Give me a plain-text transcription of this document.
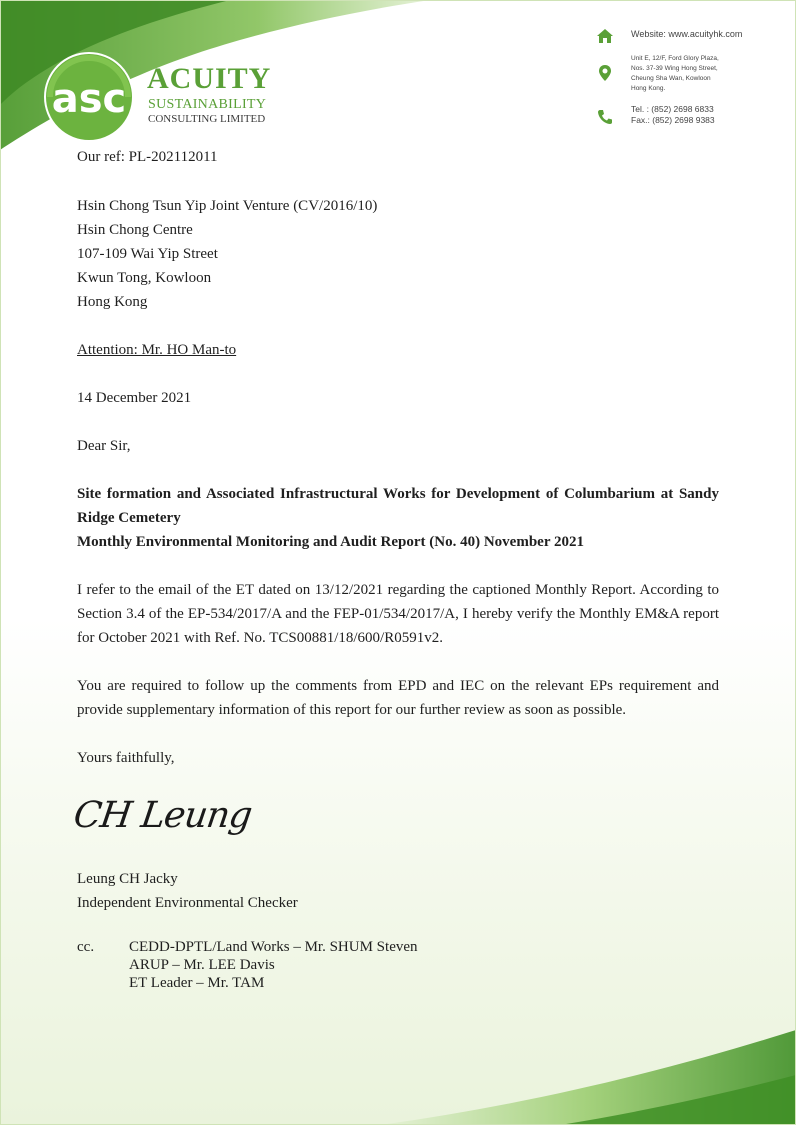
asc ACUITY
SUSTAINABILITY
CONSULTING LIMITED
Website: www.acuityhk.com
Unit E, 12/F, Ford Glory Plaza,
Nos. 37-39 Wing Hong Street,
Cheung Sha Wan, Kowloon
Hong Kong.
Tel. : (852) 2698 6833
Fax.: (852) 2698 9383
Our ref: PL-202112011
Hsin Chong Tsun Yip Joint Venture (CV/2016/10)
Hsin Chong Centre
107-109 Wai Yip Street
Kwun Tong, Kowloon
Hong Kong
Attention: Mr. HO Man-to
14 December 2021
Dear Sir,
Site formation and Associated Infrastructural Works for Development of Columbarium at Sandy Ridge Cemetery
Monthly Environmental Monitoring and Audit Report (No. 40) November 2021
I refer to the email of the ET dated on 13/12/2021 regarding the captioned Monthly Report. According to Section 3.4 of the EP-534/2017/A and the FEP-01/534/2017/A, I hereby verify the Monthly EM&A report for October 2021 with Ref. No. TCS00881/18/600/R0591v2.
You are required to follow up the comments from EPD and IEC on the relevant EPs requirement and provide supplementary information of this report for our further review as soon as possible.
Yours faithfully,
CH Leung
Leung CH Jacky
Independent Environmental Checker
cc. CEDD-DPTL/Land Works – Mr. SHUM Steven
ARUP – Mr. LEE Davis
ET Leader – Mr. TAM
